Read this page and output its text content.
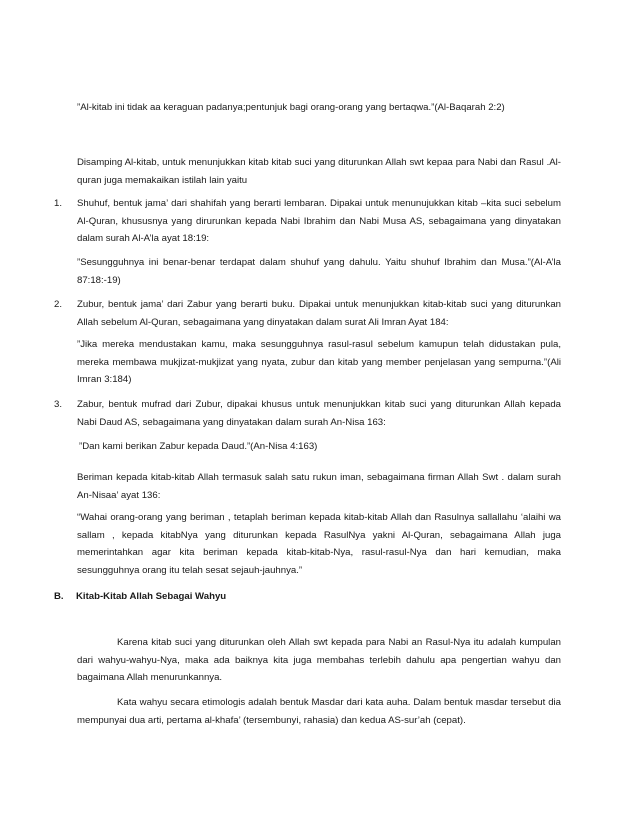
”Al-kitab ini tidak aa keraguan padanya;pentunjuk bagi orang-orang yang bertaqwa.”(Al-Baqarah 2:2)

Disamping Al-kitab, untuk menunjukkan kitab kitab suci yang diturunkan Allah swt kepaa para Nabi dan Rasul .Al-quran juga memakaikan istilah lain yaitu

1. Shuhuf, bentuk jama’ dari shahifah yang berarti lembaran. Dipakai untuk menunujukkan kitab –kita suci sebelum Al-Quran, khususnya yang dirurunkan kepada Nabi Ibrahim dan Nabi Musa AS, sebagaimana yang dinyatakan dalam surah Al-A’la ayat 18:19:

”Sesungguhnya ini benar-benar terdapat dalam shuhuf yang dahulu. Yaitu shuhuf Ibrahim dan Musa.”(Al-A’la 87:18:-19)

2. Zubur, bentuk jama’ dari Zabur yang berarti buku. Dipakai untuk menunjukkan kitab-kitab suci yang diturunkan Allah sebelum Al-Quran, sebagaimana yang dinyatakan dalam surat Ali Imran Ayat 184:

”Jika mereka mendustakan kamu, maka sesungguhnya rasul-rasul sebelum kamupun telah didustakan pula, mereka membawa mukjizat-mukjizat yang nyata, zubur dan kitab yang member penjelasan yang sempurna.”(Ali Imran 3:184)

3. Zabur, bentuk mufrad dari Zubur, dipakai khusus untuk menunjukkan kitab suci yang diturunkan Allah kepada Nabi Daud AS, sebagaimana yang dinyatakan dalam surah An-Nisa 163:

”Dan kami berikan Zabur kepada Daud.”(An-Nisa 4:163)

Beriman kepada kitab-kitab Allah termasuk salah satu rukun iman, sebagaimana firman Allah Swt . dalam surah An-Nisaa’ ayat 136:

“Wahai orang-orang yang beriman , tetaplah beriman kepada kitab-kitab Allah dan Rasulnya sallallahu ‘alaihi wa sallam , kepada kitabNya yang diturunkan kepada RasulNya yakni Al-Quran, sebagaimana Allah juga memerintahkan agar kita beriman kepada kitab-kitab-Nya, rasul-rasul-Nya dan hari kemudian, maka sesungguhnya orang itu telah sesat sejauh-jauhnya.”

B. Kitab-Kitab Allah Sebagai Wahyu

Karena kitab suci yang diturunkan oleh Allah swt kepada para Nabi an Rasul-Nya itu adalah kumpulan dari wahyu-wahyu-Nya, maka ada baiknya kita juga membahas terlebih dahulu apa pengertian wahyu dan bagaimana Allah menurunkannya.

Kata wahyu secara etimologis adalah bentuk Masdar dari kata auha. Dalam bentuk masdar tersebut dia mempunyai dua arti, pertama al-khafa’ (tersembunyi, rahasia) dan kedua AS-sur’ah (cepat).
